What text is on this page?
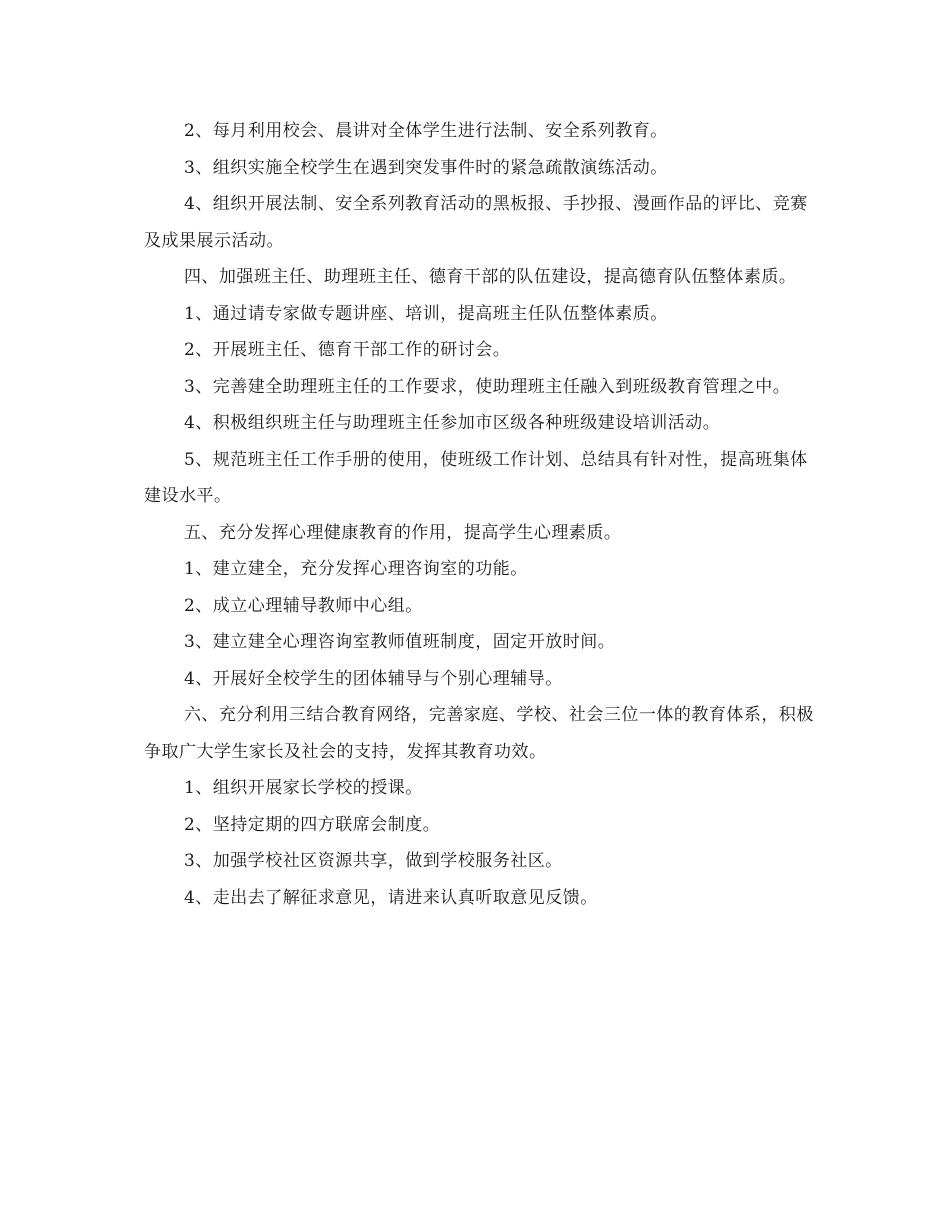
2、每月利用校会、晨讲对全体学生进行法制、安全系列教育。

3、组织实施全校学生在遇到突发事件时的紧急疏散演练活动。

4、组织开展法制、安全系列教育活动的黑板报、手抄报、漫画作品的评比、竞赛及成果展示活动。

四、加强班主任、助理班主任、德育干部的队伍建设，提高德育队伍整体素质。

1、通过请专家做专题讲座、培训，提高班主任队伍整体素质。

2、开展班主任、德育干部工作的研讨会。

3、完善建全助理班主任的工作要求，使助理班主任融入到班级教育管理之中。

4、积极组织班主任与助理班主任参加市区级各种班级建设培训活动。

5、规范班主任工作手册的使用，使班级工作计划、总结具有针对性，提高班集体建设水平。

五、充分发挥心理健康教育的作用，提高学生心理素质。

1、建立建全，充分发挥心理咨询室的功能。

2、成立心理辅导教师中心组。

3、建立建全心理咨询室教师值班制度，固定开放时间。

4、开展好全校学生的团体辅导与个别心理辅导。

六、充分利用三结合教育网络，完善家庭、学校、社会三位一体的教育体系，积极争取广大学生家长及社会的支持，发挥其教育功效。

1、组织开展家长学校的授课。

2、坚持定期的四方联席会制度。

3、加强学校社区资源共享，做到学校服务社区。

4、走出去了解征求意见，请进来认真听取意见反馈。
